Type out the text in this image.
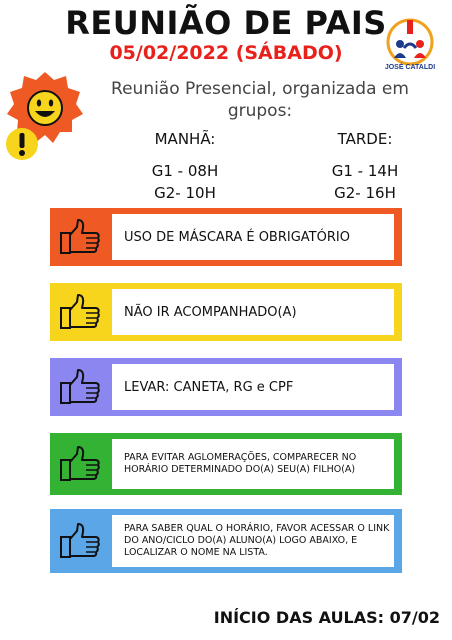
REUNIÃO DE PAIS
05/02/2022 (SÁBADO)
JOSÉ CATALDI
Reunião Presencial, organizada em grupos:
MANHÃ:
G1 - 08H
G2- 10H
TARDE:
G1 - 14H
G2- 16H
USO DE MÁSCARA É OBRIGATÓRIO
NÃO IR ACOMPANHADO(A)
LEVAR: CANETA, RG e CPF
PARA EVITAR AGLOMERAÇÕES, COMPARECER NO HORÁRIO DETERMINADO DO(A) SEU(A) FILHO(A)
PARA SABER QUAL O HORÁRIO, FAVOR ACESSAR O LINK DO ANO/CICLO DO(A) ALUNO(A) LOGO ABAIXO, E LOCALIZAR O NOME NA LISTA.
INÍCIO DAS AULAS: 07/02
